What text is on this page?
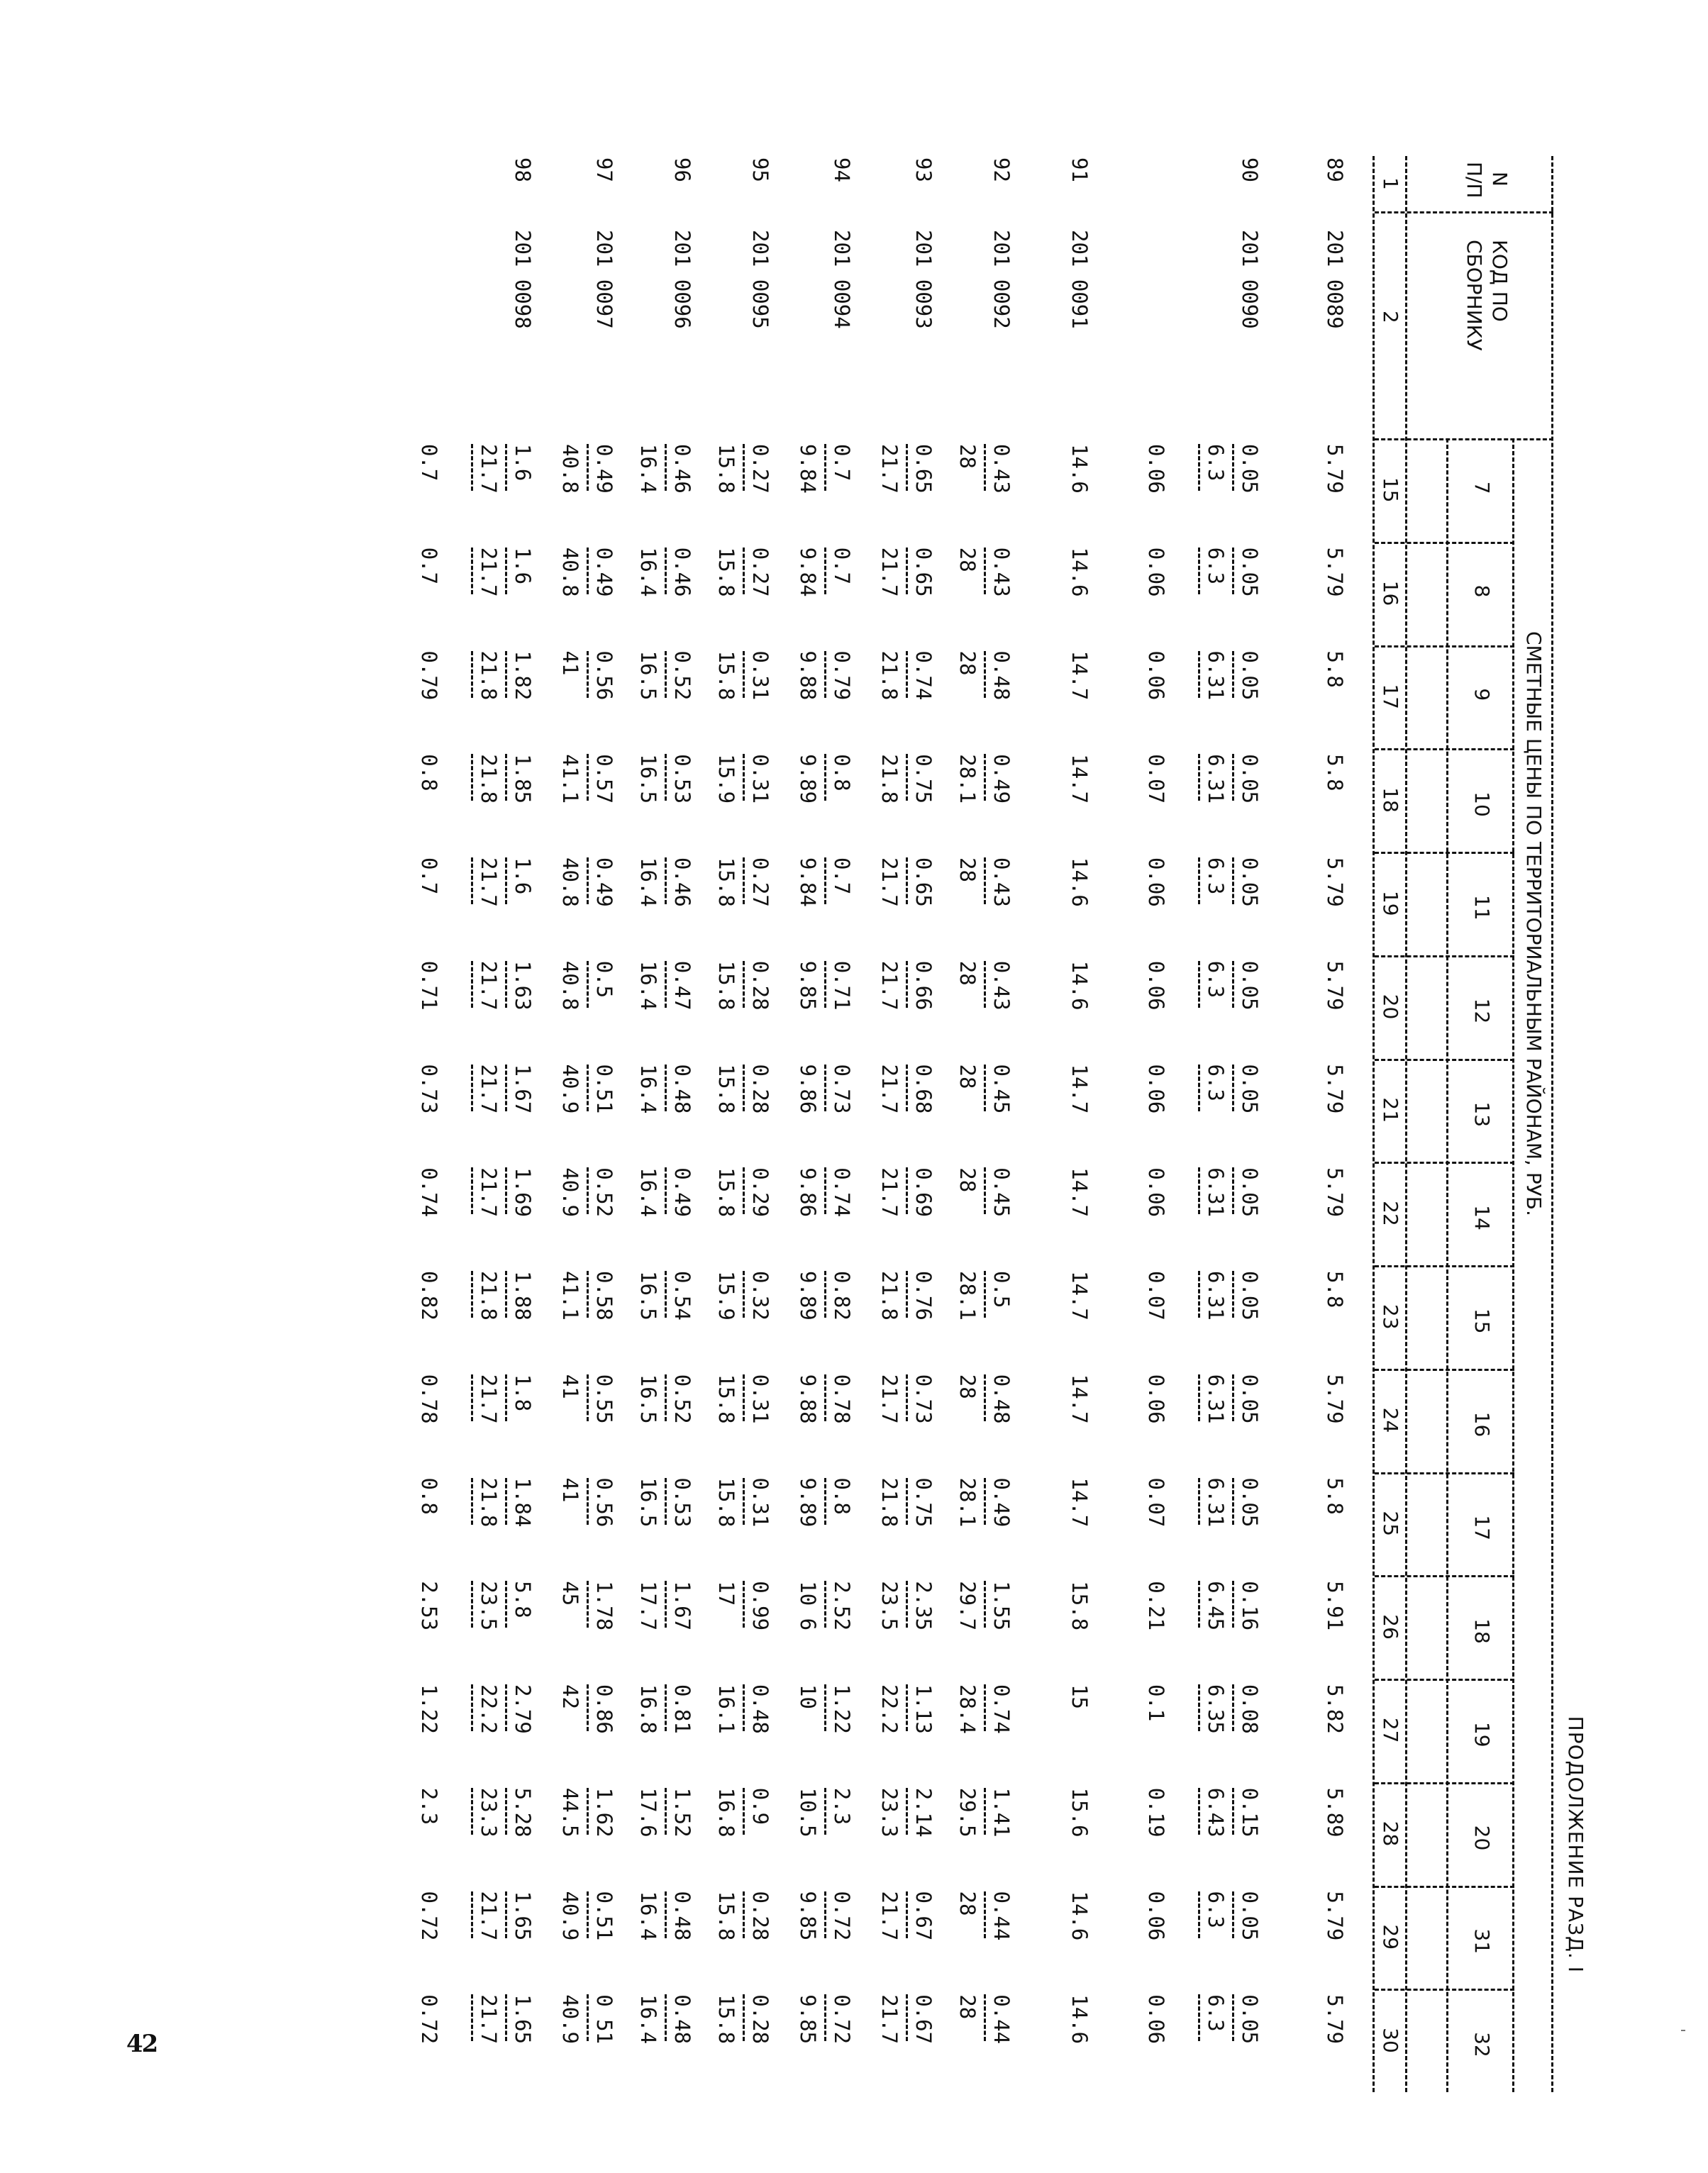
42
ПРОДОЛЖЕНИЕ РАЗД. I
N
П/П
КОД ПО
СБОРНИКУ
СМЕТНЫЕ ЦЕНЫ ПО ТЕРРИТОРИАЛЬНЫМ РАЙОНАМ, РУБ.
7
8
9
10
11
12
13
14
15
16
17
18
19
20
31
32
1
2
15
16
17
18
19
20
21
22
23
24
25
26
27
28
29
30
89
201 0089
5.79
5.79
5.8
5.8
5.79
5.79
5.79
5.79
5.8
5.79
5.8
5.91
5.82
5.89
5.79
5.79
90
201 0090
0.05
6.3
0.06
0.05
6.3
0.06
0.05
6.31
0.06
0.05
6.31
0.07
0.05
6.3
0.06
0.05
6.3
0.06
0.05
6.3
0.06
0.05
6.31
0.06
0.05
6.31
0.07
0.05
6.31
0.06
0.05
6.31
0.07
0.16
6.45
0.21
0.08
6.35
0.1
0.15
6.43
0.19
0.05
6.3
0.06
0.05
6.3
0.06
91
201 0091
14.6
14.6
14.7
14.7
14.6
14.6
14.7
14.7
14.7
14.7
14.7
15.8
15
15.6
14.6
14.6
92
201 0092
0.43
28
0.43
28
0.48
28
0.49
28.1
0.43
28
0.43
28
0.45
28
0.45
28
0.5
28.1
0.48
28
0.49
28.1
1.55
29.7
0.74
28.4
1.41
29.5
0.44
28
0.44
28
93
201 0093
0.65
21.7
0.65
21.7
0.74
21.8
0.75
21.8
0.65
21.7
0.66
21.7
0.68
21.7
0.69
21.7
0.76
21.8
0.73
21.7
0.75
21.8
2.35
23.5
1.13
22.2
2.14
23.3
0.67
21.7
0.67
21.7
94
201 0094
0.7
9.84
0.7
9.84
0.79
9.88
0.8
9.89
0.7
9.84
0.71
9.85
0.73
9.86
0.74
9.86
0.82
9.89
0.78
9.88
0.8
9.89
2.52
10 6
1.22
10
2.3
10.5
0.72
9.85
0.72
9.85
95
201 0095
0.27
15.8
0.27
15.8
0.31
15.8
0.31
15.9
0.27
15.8
0.28
15.8
0.28
15.8
0.29
15.8
0.32
15.9
0.31
15.8
0.31
15.8
0.99
17
0.48
16.1
0.9
16.8
0.28
15.8
0.28
15.8
96
201 0096
0.46
16.4
0.46
16.4
0.52
16.5
0.53
16.5
0.46
16.4
0.47
16.4
0.48
16.4
0.49
16.4
0.54
16.5
0.52
16.5
0.53
16.5
1.67
17.7
0.81
16.8
1.52
17.6
0.48
16.4
0.48
16.4
97
201 0097
0.49
40.8
0.49
40.8
0.56
41
0.57
41.1
0.49
40.8
0.5
40.8
0.51
40.9
0.52
40.9
0.58
41.1
0.55
41
0.56
41
1.78
45
0.86
42
1.62
44.5
0.51
40.9
0 51
40.9
98
201 0098
1.6
21.7
0.7
1.6
21.7
0.7
1.82
21.8
0.79
1.85
21.8
0.8
1.6
21.7
0.7
1.63
21.7
0.71
1.67
21.7
0.73
1.69
21.7
0.74
1.88
21.8
0.82
1.8
21.7
0.78
1.84
21.8
0.8
5.8
23.5
2.53
2.79
22.2
1.22
5.28
23.3
2.3
1.65
21.7
0.72
1.65
21.7
0.72
